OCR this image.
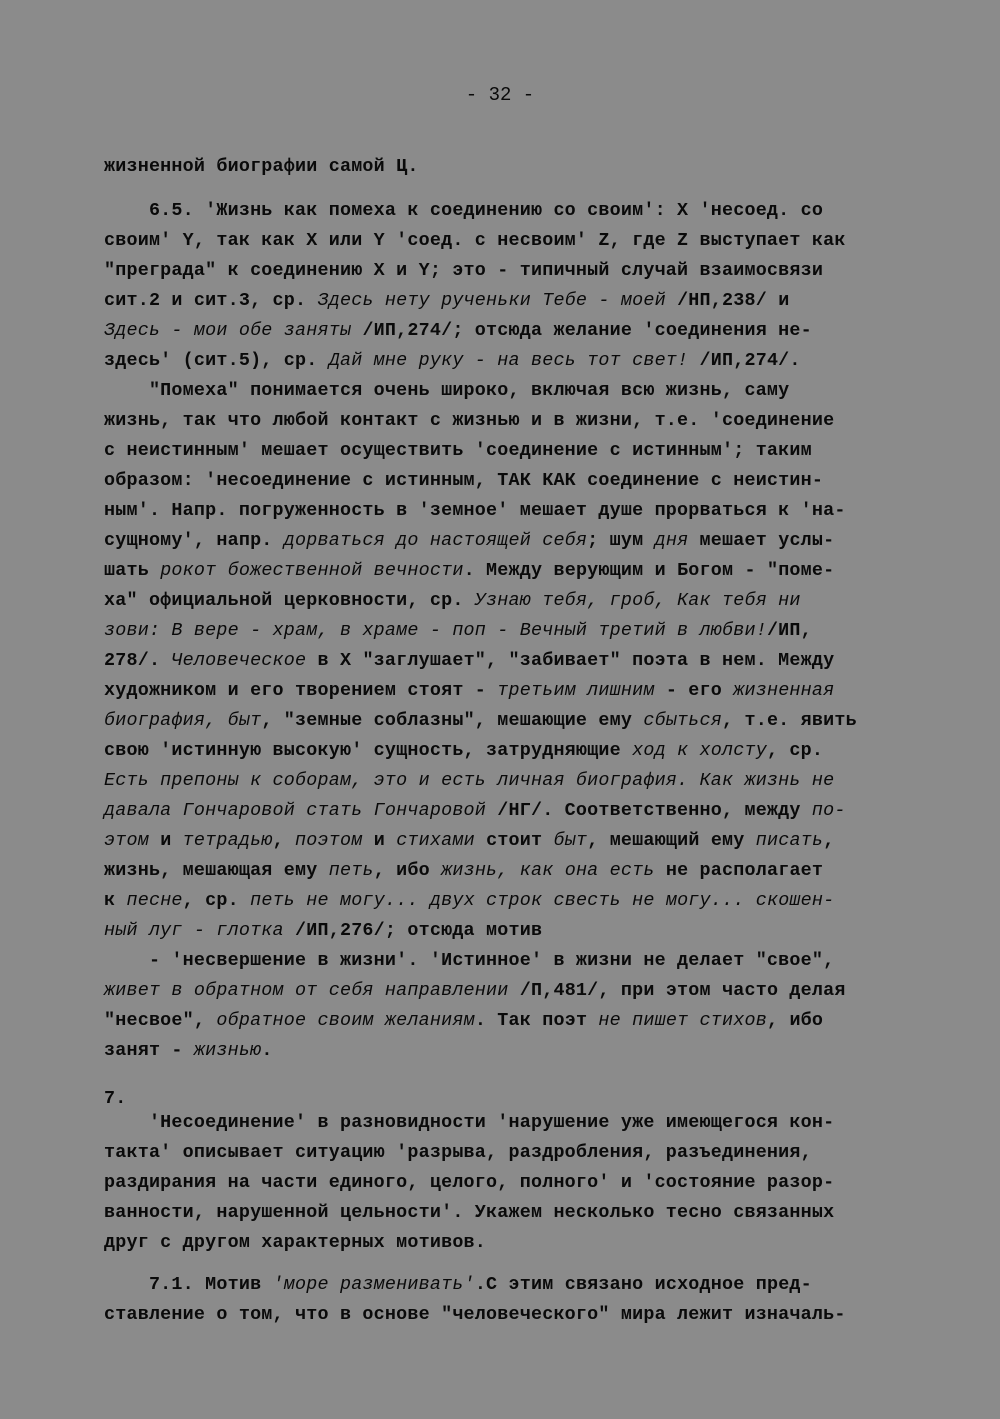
- 32 -
жизненной биографии самой Ц.
6.5. 'Жизнь как помеха к соединению со своим': X 'несоед. со
своим' Y, так как X или Y 'соед. с несвоим' Z, где Z выступает как
"преграда" к соединению X и Y; это - типичный случай взаимосвязи
сит.2 и сит.3, ср. Здесь нету рученьки Тебе - моей /НП,238/ и
Здесь - мои обе заняты /ИП,274/; отсюда желание 'соединения не-
здесь' (сит.5), ср. Дай мне руку - на весь тот свет! /ИП,274/.
"Помеха" понимается очень широко, включая всю жизнь, саму
жизнь, так что любой контакт с жизнью и в жизни, т.е. 'соединение
с неистинным' мешает осуществить 'соединение с истинным'; таким
образом: 'несоединение с истинным, ТАК КАК соединение с неистин-
ным'. Напр. погруженность в 'земное' мешает душе прорваться к 'на-
сущному', напр. дорваться до настоящей себя; шум дня мешает услы-
шать рокот божественной вечности. Между верующим и Богом - "поме-
ха" официальной церковности, ср. Узнаю тебя, гроб, Как тебя ни
зови: В вере - храм, в храме - поп - Вечный третий в любви!/ИП,
278/. Человеческое в X "заглушает", "забивает" поэта в нем. Между
художником и его творением стоят - третьим лишним - его жизненная
биография, быт, "земные соблазны", мешающие ему сбыться, т.е. явить
свою 'истинную высокую' сущность, затрудняющие ход к холсту, ср.
Есть препоны к соборам, это и есть личная биография. Как жизнь не
давала Гончаровой стать Гончаровой /НГ/. Соответственно, между по-
этом и тетрадью, поэтом и стихами стоит быт, мешающий ему писать,
жизнь, мешающая ему петь, ибо жизнь, как она есть не располагает
к песне, ср. петь не могу... двух строк свесть не могу... скошен-
ный луг - глотка /ИП,276/; отсюда мотив
- 'несвершение в жизни'. 'Истинное' в жизни не делает "свое",
живет в обратном от себя направлении /П,481/, при этом часто делая
"несвое", обратное своим желаниям. Так поэт не пишет стихов, ибо
занят - жизнью.
7.
'Несоединение' в разновидности 'нарушение уже имеющегося кон-
такта' описывает ситуацию 'разрыва, раздробления, разъединения,
раздирания на части единого, целого, полного' и 'состояние разор-
ванности, нарушенной цельности'. Укажем несколько тесно связанных
друг с другом характерных мотивов.
7.1. Мотив 'море разменивать'.С этим связано исходное пред-
ставление о том, что в основе "человеческого" мира лежит изначаль-
